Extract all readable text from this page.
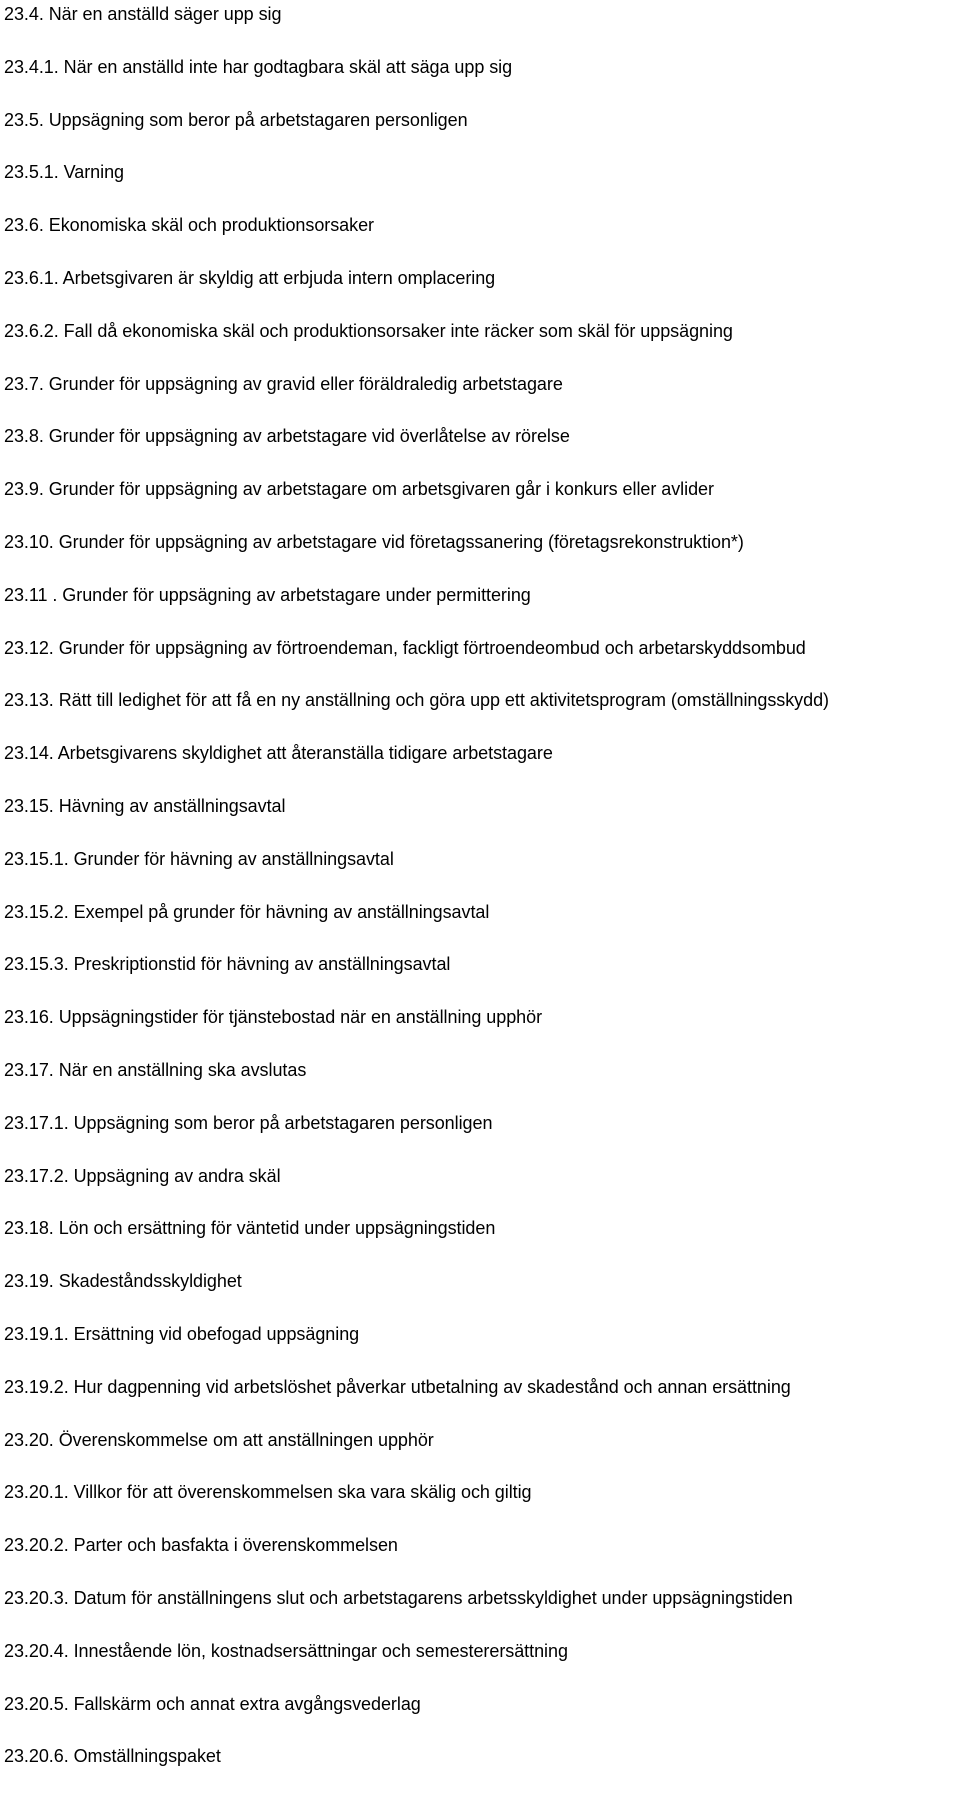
23.4. När en anställd säger upp sig
23.4.1. När en anställd inte har godtagbara skäl att säga upp sig
23.5. Uppsägning som beror på arbetstagaren personligen
23.5.1. Varning
23.6. Ekonomiska skäl och produktionsorsaker
23.6.1. Arbetsgivaren är skyldig att erbjuda intern omplacering
23.6.2. Fall då ekonomiska skäl och produktionsorsaker inte räcker som skäl för uppsägning
23.7. Grunder för uppsägning av gravid eller föräldraledig arbetstagare
23.8. Grunder för uppsägning av arbetstagare vid överlåtelse av rörelse
23.9. Grunder för uppsägning av arbetstagare om arbetsgivaren går i konkurs eller avlider
23.10. Grunder för uppsägning av arbetstagare vid företagssanering (företagsrekonstruktion*)
23.11 . Grunder för uppsägning av arbetstagare under permittering
23.12. Grunder för uppsägning av förtroendeman, fackligt förtroendeombud och arbetarskyddsombud
23.13. Rätt till ledighet för att få en ny anställning och göra upp ett aktivitetsprogram (omställningsskydd)
23.14. Arbetsgivarens skyldighet att återanställa tidigare arbetstagare
23.15. Hävning av anställningsavtal
23.15.1. Grunder för hävning av anställningsavtal
23.15.2. Exempel på grunder för hävning av anställningsavtal
23.15.3. Preskriptionstid för hävning av anställningsavtal
23.16. Uppsägningstider för tjänstebostad när en anställning upphör
23.17. När en anställning ska avslutas
23.17.1. Uppsägning som beror på arbetstagaren personligen
23.17.2. Uppsägning av andra skäl
23.18. Lön och ersättning för väntetid under uppsägningstiden
23.19. Skadeståndsskyldighet
23.19.1. Ersättning vid obefogad uppsägning
23.19.2. Hur dagpenning vid arbetslöshet påverkar utbetalning av skadestånd och annan ersättning
23.20. Överenskommelse om att anställningen upphör
23.20.1. Villkor för att överenskommelsen ska vara skälig och giltig
23.20.2. Parter och basfakta i överenskommelsen
23.20.3. Datum för anställningens slut och arbetstagarens arbetsskyldighet under uppsägningstiden
23.20.4. Innestående lön, kostnadsersättningar och semesterersättning
23.20.5. Fallskärm och annat extra avgångsvederlag
23.20.6. Omställningspaket
